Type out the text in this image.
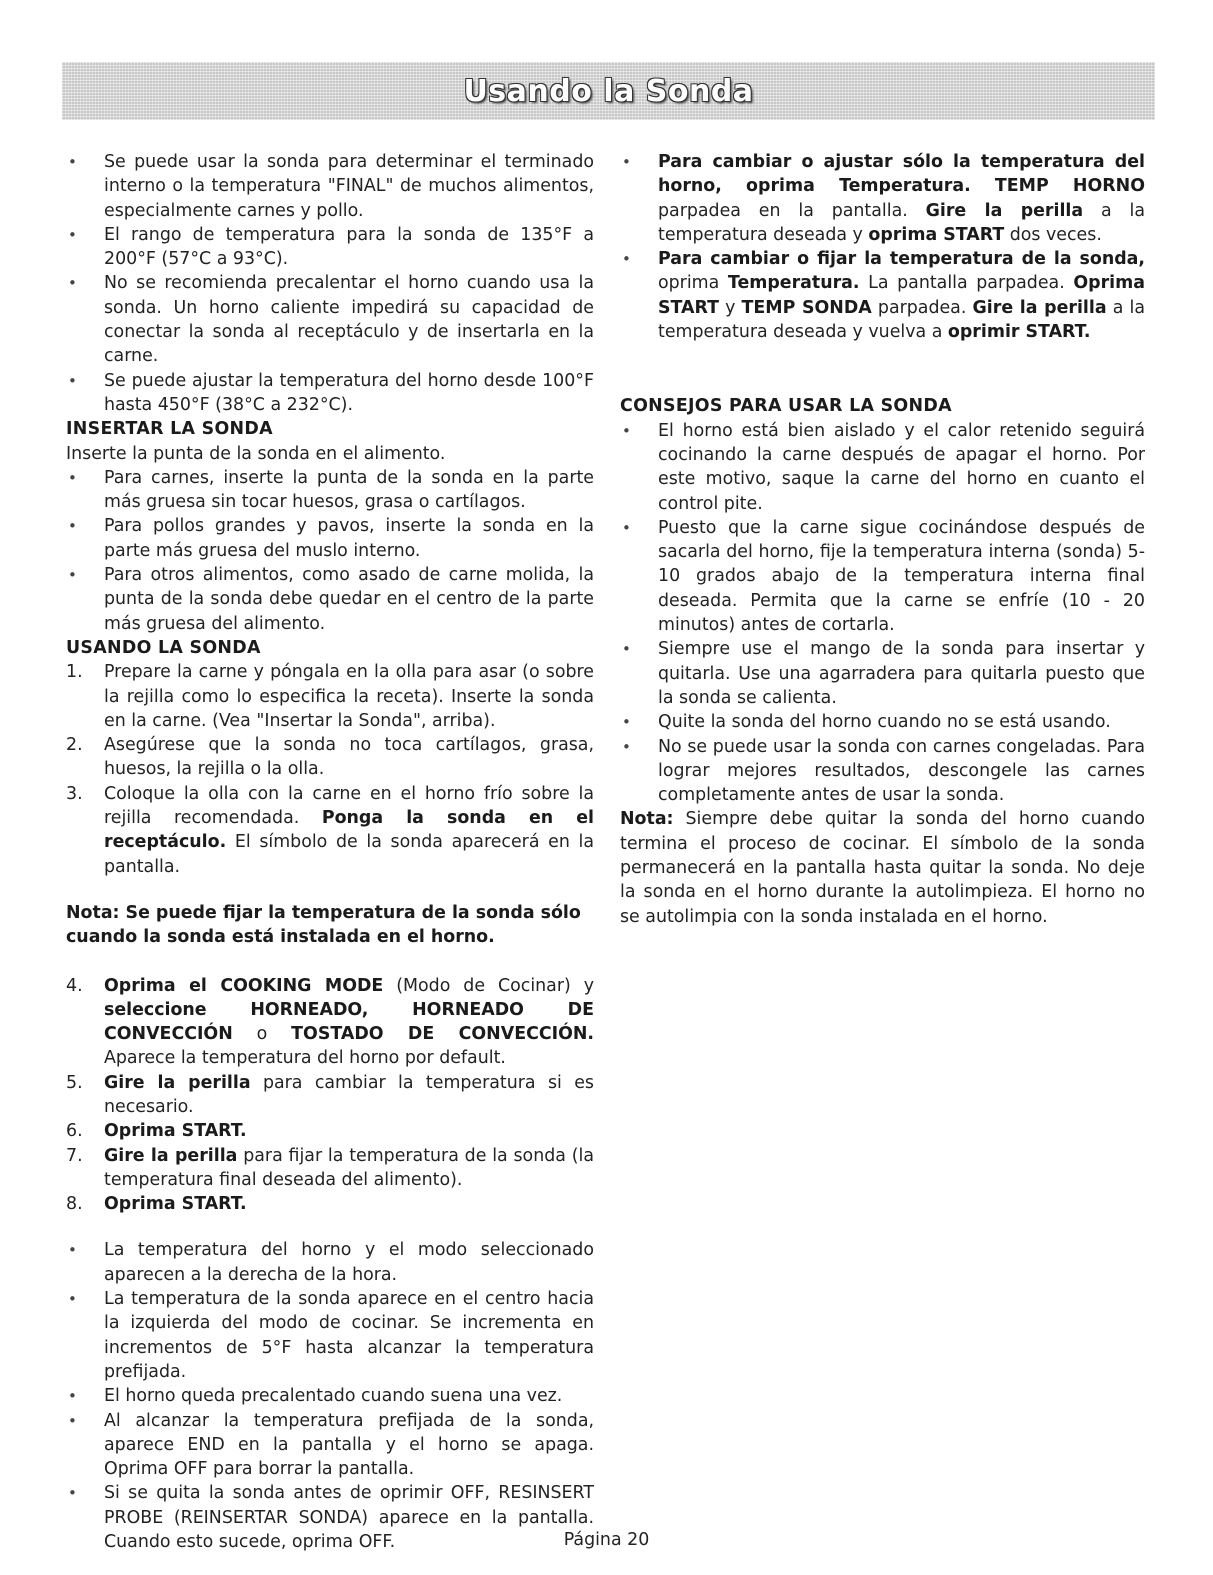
Usando la Sonda
• Se puede usar la sonda para determinar el terminado interno o la temperatura "FINAL" de muchos alimentos, especialmente carnes y pollo.
• El rango de temperatura para la sonda de 135°F a 200°F (57°C a 93°C).
• No se recomienda precalentar el horno cuando usa la sonda. Un horno caliente impedirá su capacidad de conectar la sonda al receptáculo y de insertarla en la carne.
• Se puede ajustar la temperatura del horno desde 100°F hasta 450°F (38°C a 232°C).
INSERTAR LA SONDA

Inserte la punta de la sonda en el alimento.

• Para carnes, inserte la punta de la sonda en la parte más gruesa sin tocar huesos, grasa o cartílagos.
• Para pollos grandes y pavos, inserte la sonda en la parte más gruesa del muslo interno.
• Para otros alimentos, como asado de carne molida, la punta de la sonda debe quedar en el centro de la parte más gruesa del alimento.
USANDO LA SONDA
1. Prepare la carne y póngala en la olla para asar (o sobre la rejilla como lo especifica la receta). Inserte la sonda en la carne. (Vea "Insertar la Sonda", arriba).
2. Asegúrese que la sonda no toca cartílagos, grasa, huesos, la rejilla o la olla.
3. Coloque la olla con la carne en el horno frío sobre la rejilla recomendada. Ponga la sonda en el receptáculo. El símbolo de la sonda aparecerá en la pantalla.

Nota: Se puede fijar la temperatura de la sonda sólo cuando la sonda está instalada en el horno.

4. Oprima el COOKING MODE (Modo de Cocinar) y seleccione HORNEADO, HORNEADO DE CONVECCIÓN o TOSTADO DE CONVECCIÓN. Aparece la temperatura del horno por default.
5. Gire la perilla para cambiar la temperatura si es necesario.
6. Oprima START.
7. Gire la perilla para fijar la temperatura de la sonda (la temperatura final deseada del alimento).
8. Oprima START.
• La temperatura del horno y el modo seleccionado aparecen a la derecha de la hora.
• La temperatura de la sonda aparece en el centro hacia la izquierda del modo de cocinar. Se incrementa en incrementos de 5°F hasta alcanzar la temperatura prefijada.
• El horno queda precalentado cuando suena una vez.
• Al alcanzar la temperatura prefijada de la sonda, aparece END en la pantalla y el horno se apaga. Oprima OFF para borrar la pantalla.
• Si se quita la sonda antes de oprimir OFF, RESINSERT PROBE (REINSERTAR SONDA) aparece en la pantalla. Cuando esto sucede, oprima OFF.
• Para cambiar o ajustar sólo la temperatura del horno, oprima Temperatura. TEMP HORNO parpadea en la pantalla. Gire la perilla a la temperatura deseada y oprima START dos veces.
• Para cambiar o fijar la temperatura de la sonda, oprima Temperatura. La pantalla parpadea. Oprima START y TEMP SONDA parpadea. Gire la perilla a la temperatura deseada y vuelva a oprimir START.
CONSEJOS PARA USAR LA SONDA
• El horno está bien aislado y el calor retenido seguirá cocinando la carne después de apagar el horno. Por este motivo, saque la carne del horno en cuanto el control pite.
• Puesto que la carne sigue cocinándose después de sacarla del horno, fije la temperatura interna (sonda) 5-10 grados abajo de la temperatura interna final deseada. Permita que la carne se enfríe (10 - 20 minutos) antes de cortarla.
• Siempre use el mango de la sonda para insertar y quitarla. Use una agarradera para quitarla puesto que la sonda se calienta.
• Quite la sonda del horno cuando no se está usando.
• No se puede usar la sonda con carnes congeladas. Para lograr mejores resultados, descongele las carnes completamente antes de usar la sonda.

Nota: Siempre debe quitar la sonda del horno cuando termina el proceso de cocinar. El símbolo de la sonda permanecerá en la pantalla hasta quitar la sonda. No deje la sonda en el horno durante la autolimpieza. El horno no se autolimpia con la sonda instalada en el horno.

Página 20
